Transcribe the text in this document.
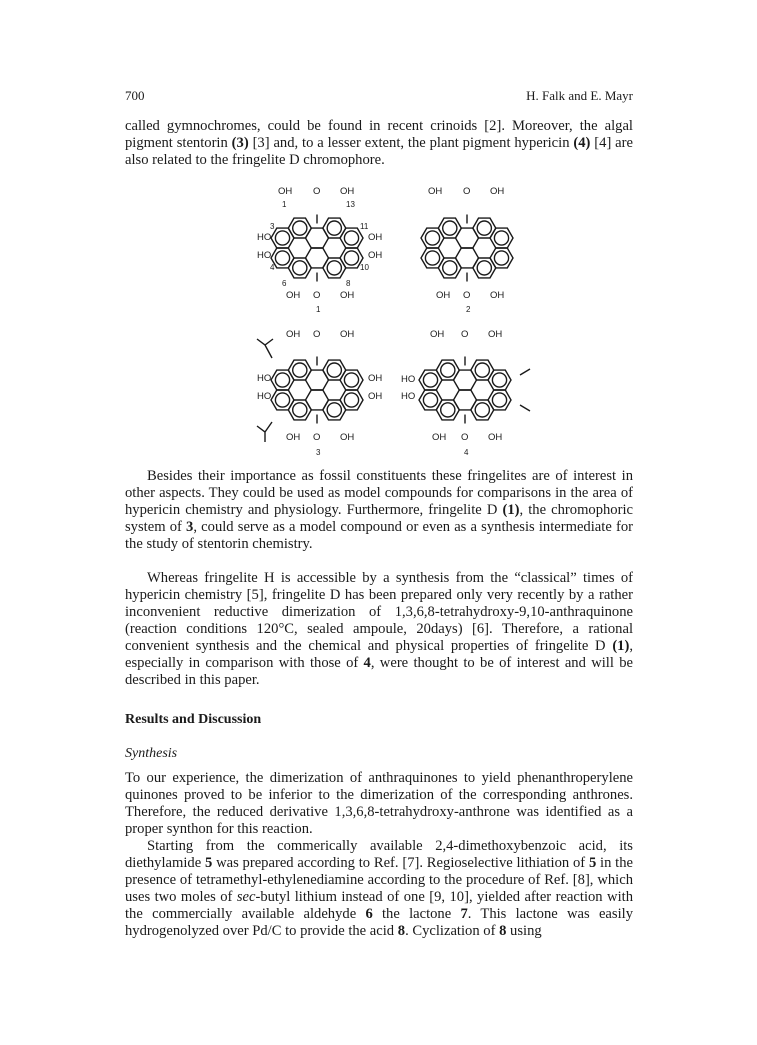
700	H. Falk and E. Mayr

called gymnochromes, could be found in recent crinoids [2]. Moreover, the algal pigment stentorin (3) [3] and, to a lesser extent, the plant pigment hypericin (4) [4] are also related to the fringelite D chromophore.

OH O OH
1	13
3	11
HO	OH
HO	OH
4	10
6	8
OH O OH
1
OH O OH
OH O OH
2
OH O OH
HO
HO
OH
OH
OH O OH
3
OH O OH
HO
HO
OH O OH
4

Besides their importance as fossil constituents these fringelites are of interest in other aspects. They could be used as model compounds for comparisons in the area of hypericin chemistry and physiology. Furthermore, fringelite D (1), the chromophoric system of 3, could serve as a model compound or even as a synthesis intermediate for the study of stentorin chemistry.

Whereas fringelite H is accessible by a synthesis from the “classical” times of hypericin chemistry [5], fringelite D has been prepared only very recently by a rather inconvenient reductive dimerization of 1,3,6,8-tetrahydroxy-9,10-anthraquinone (reaction conditions 120°C, sealed ampoule, 20days) [6]. Therefore, a rational convenient synthesis and the chemical and physical properties of fringelite D (1), especially in comparison with those of 4, were thought to be of interest and will be described in this paper.

Results and Discussion
Synthesis

To our experience, the dimerization of anthraquinones to yield phenanthroperylene quinones proved to be inferior to the dimerization of the corresponding anthrones. Therefore, the reduced derivative 1,3,6,8-tetrahydroxy-anthrone was identified as a proper synthon for this reaction.

Starting from the commerically available 2,4-dimethoxybenzoic acid, its diethylamide 5 was prepared according to Ref. [7]. Regioselective lithiation of 5 in the presence of tetramethyl-ethylenediamine according to the procedure of Ref. [8], which uses two moles of sec-butyl lithium instead of one [9, 10], yielded after reaction with the commercially available aldehyde 6 the lactone 7. This lactone was easily hydrogenolyzed over Pd/C to provide the acid 8. Cyclization of 8 using
